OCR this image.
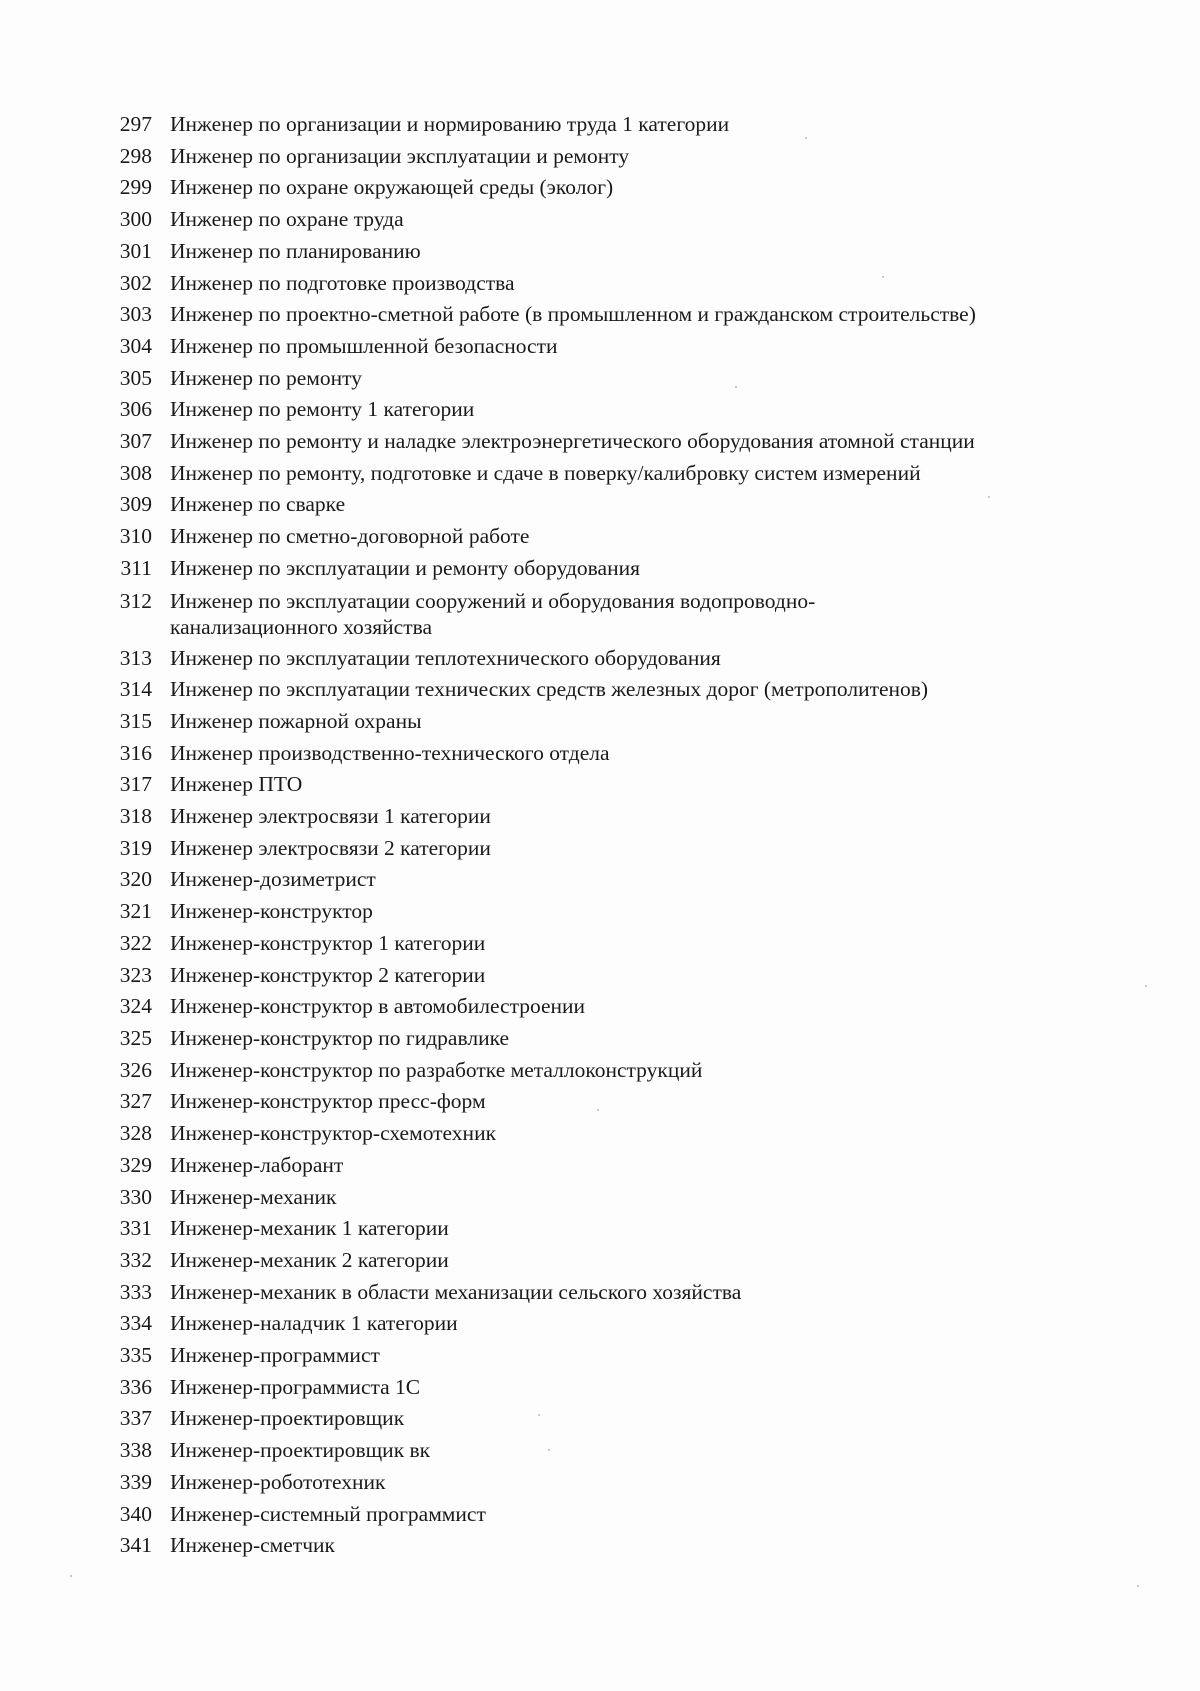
297 Инженер по организации и нормированию труда 1 категории
298 Инженер по организации эксплуатации и ремонту
299 Инженер по охране окружающей среды (эколог)
300 Инженер по охране труда
301 Инженер по планированию
302 Инженер по подготовке производства
303 Инженер по проектно-сметной работе (в промышленном и гражданском строительстве)
304 Инженер по промышленной безопасности
305 Инженер по ремонту
306 Инженер по ремонту 1 категории
307 Инженер по ремонту и наладке электроэнергетического оборудования атомной станции
308 Инженер по ремонту, подготовке и сдаче в поверку/калибровку систем измерений
309 Инженер по сварке
310 Инженер по сметно-договорной работе
311 Инженер по эксплуатации и ремонту оборудования
312 Инженер по эксплуатации сооружений и оборудования водопроводно-
канализационного хозяйства
313 Инженер по эксплуатации теплотехнического оборудования
314 Инженер по эксплуатации технических средств железных дорог (метрополитенов)
315 Инженер пожарной охраны
316 Инженер производственно-технического отдела
317 Инженер ПТО
318 Инженер электросвязи 1 категории
319 Инженер электросвязи 2 категории
320 Инженер-дозиметрист
321 Инженер-конструктор
322 Инженер-конструктор 1 категории
323 Инженер-конструктор 2 категории
324 Инженер-конструктор в автомобилестроении
325 Инженер-конструктор по гидравлике
326 Инженер-конструктор по разработке металлоконструкций
327 Инженер-конструктор пресс-форм
328 Инженер-конструктор-схемотехник
329 Инженер-лаборант
330 Инженер-механик
331 Инженер-механик 1 категории
332 Инженер-механик 2 категории
333 Инженер-механик в области механизации сельского хозяйства
334 Инженер-наладчик 1 категории
335 Инженер-программист
336 Инженер-программиста 1С
337 Инженер-проектировщик
338 Инженер-проектировщик вк
339 Инженер-робототехник
340 Инженер-системный программист
341 Инженер-сметчик
